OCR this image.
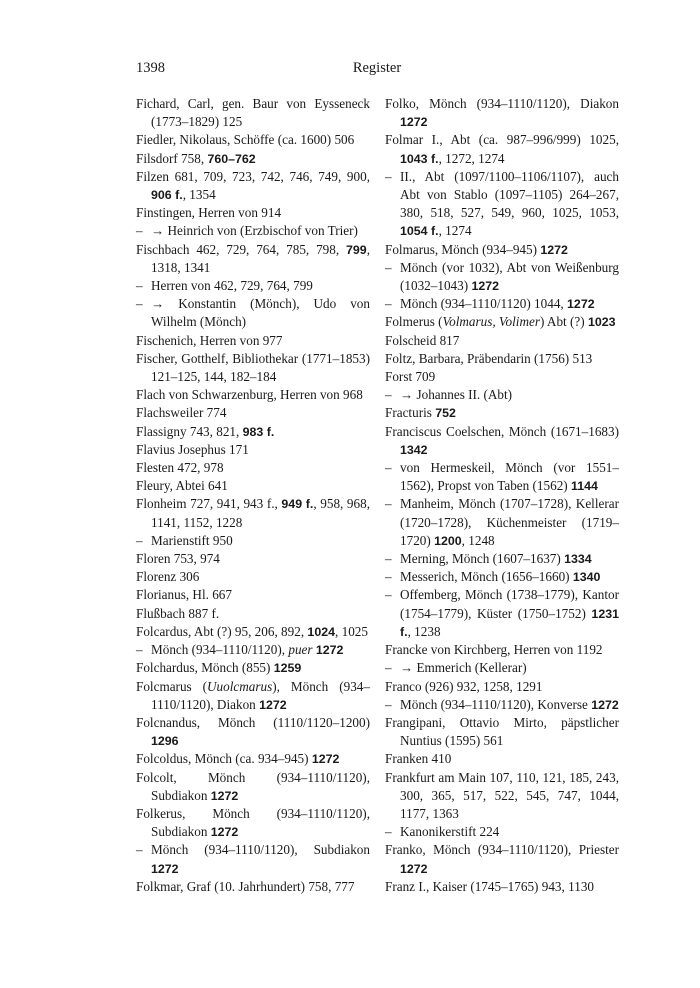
1398	Register

Fichard, Carl, gen. Baur von Eysseneck (1773–1829) 125

Fiedler, Nikolaus, Schöffe (ca. 1600) 506

Filsdorf 758, 760–762

Filzen 681, 709, 723, 742, 746, 749, 900, 906 f., 1354

Finstingen, Herren von 914

– → Heinrich von (Erzbischof von Trier)

Fischbach 462, 729, 764, 785, 798, 799, 1318, 1341

– Herren von 462, 729, 764, 799

– → Konstantin (Mönch), Udo von Wilhelm (Mönch)

Fischenich, Herren von 977

Fischer, Gotthelf, Bibliothekar (1771–1853) 121–125, 144, 182–184

Flach von Schwarzenburg, Herren von 968

Flachsweiler 774

Flassigny 743, 821, 983 f.

Flavius Josephus 171

Flesten 472, 978

Fleury, Abtei 641

Flonheim 727, 941, 943 f., 949 f., 958, 968, 1141, 1152, 1228

– Marienstift 950

Floren 753, 974

Florenz 306

Florianus, Hl. 667

Flußbach 887 f.

Folcardus, Abt (?) 95, 206, 892, 1024, 1025

– Mönch (934–1110/1120), puer 1272

Folchardus, Mönch (855) 1259

Folcmarus (Uuolcmarus), Mönch (934–1110/1120), Diakon 1272

Folcnandus, Mönch (1110/1120–1200) 1296

Folcoldus, Mönch (ca. 934–945) 1272

Folcolt, Mönch (934–1110/1120), Subdiakon 1272

Folkerus, Mönch (934–1110/1120), Subdiakon 1272

– Mönch (934–1110/1120), Subdiakon 1272

Folkmar, Graf (10. Jahrhundert) 758, 777

Folko, Mönch (934–1110/1120), Diakon 1272

Folmar I., Abt (ca. 987–996/999) 1025, 1043 f., 1272, 1274

– II., Abt (1097/1100–1106/1107), auch Abt von Stablo (1097–1105) 264–267, 380, 518, 527, 549, 960, 1025, 1053, 1054 f., 1274

Folmarus, Mönch (934–945) 1272

– Mönch (vor 1032), Abt von Weißenburg (1032–1043) 1272

– Mönch (934–1110/1120) 1044, 1272

Folmerus (Volmarus, Volimer) Abt (?) 1023

Folscheid 817

Foltz, Barbara, Präbendarin (1756) 513

Forst 709

– → Johannes II. (Abt)

Fracturis 752

Franciscus Coelschen, Mönch (1671–1683) 1342

– von Hermeskeil, Mönch (vor 1551–1562), Propst von Taben (1562) 1144

– Manheim, Mönch (1707–1728), Kellerar (1720–1728), Küchenmeister (1719–1720) 1200, 1248

– Merning, Mönch (1607–1637) 1334

– Messerich, Mönch (1656–1660) 1340

– Offemberg, Mönch (1738–1779), Kantor (1754–1779), Küster (1750–1752) 1231 f., 1238

Francke von Kirchberg, Herren von 1192

– → Emmerich (Kellerar)

Franco (926) 932, 1258, 1291

– Mönch (934–1110/1120), Konverse 1272

Frangipani, Ottavio Mirto, päpstlicher Nuntius (1595) 561

Franken 410

Frankfurt am Main 107, 110, 121, 185, 243, 300, 365, 517, 522, 545, 747, 1044, 1177, 1363

– Kanonikerstift 224

Franko, Mönch (934–1110/1120), Priester 1272

Franz I., Kaiser (1745–1765) 943, 1130
